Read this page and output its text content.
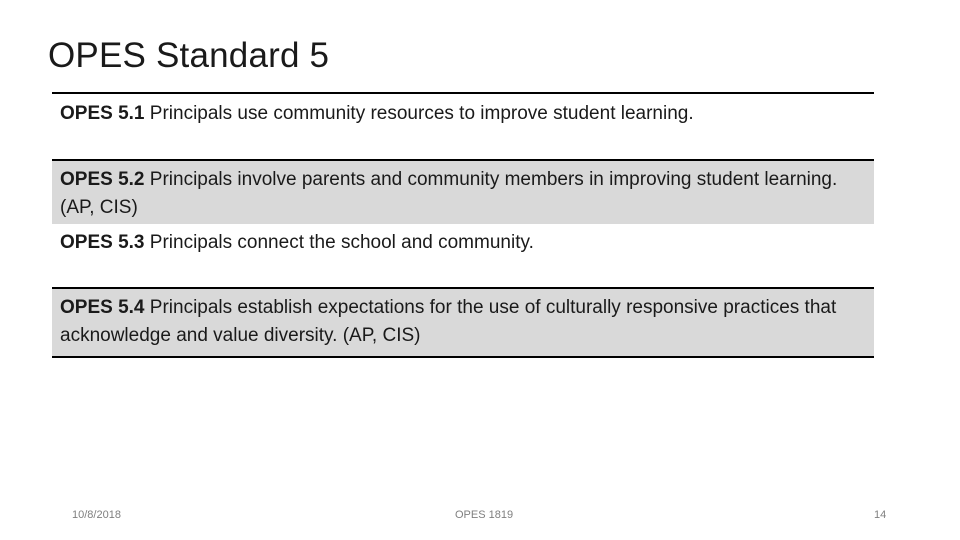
OPES Standard 5
OPES 5.1 Principals use community resources to improve student learning.
OPES 5.2 Principals involve parents and community members in improving student learning. (AP, CIS)
OPES 5.3 Principals connect the school and community.
OPES 5.4 Principals establish expectations for the use of culturally responsive practices that acknowledge and value diversity. (AP, CIS)
10/8/2018	OPES 1819	14
